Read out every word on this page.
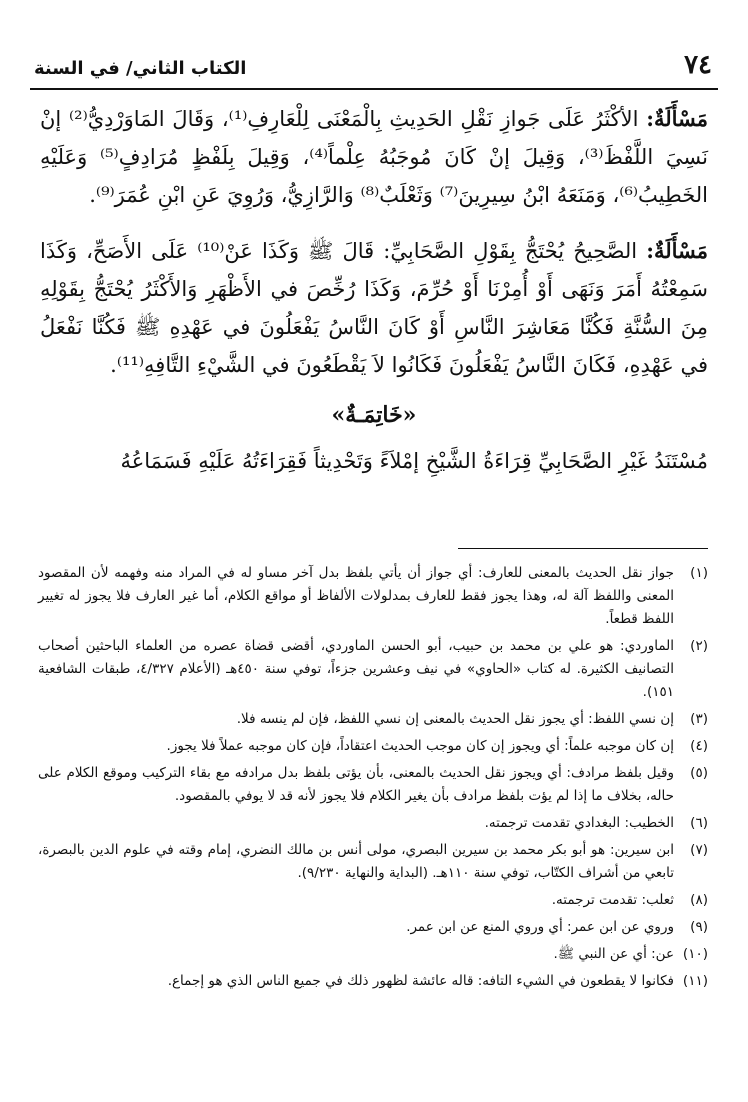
٧٤
الكتاب الثاني/ في السنة

مَسْأَلَةٌ: الأكْثَرُ عَلَى جَوازِ نَقْلِ الحَدِيثِ بِالْمَعْنَى لِلْعَارِفِ⁽¹⁾، وَقَالَ المَاوَرْدِيُّ⁽²⁾ إنْ نَسِيَ اللَّفْظَ⁽³⁾، وَقِيلَ إنْ كَانَ مُوجَبُهُ عِلْماً⁽⁴⁾، وَقِيلَ بِلَفْظٍ مُرَادِفٍ⁽⁵⁾ وَعَلَيْهِ الخَطِيبُ⁽⁶⁾، وَمَنَعَهُ ابْنُ سِيرِينَ⁽⁷⁾ وَثَعْلَبٌ⁽⁸⁾ وَالرَّازِيُّ، وَرُوِيَ عَنِ ابْنِ عُمَرَ⁽⁹⁾.

مَسْأَلَةٌ: الصَّحِيحُ يُحْتَجُّ بِقَوْلِ الصَّحَابِيِّ: قَالَ ﷺ وَكَذَا عَنْ⁽¹⁰⁾ عَلَى الأَصَحِّ، وَكَذَا سَمِعْتُهُ أَمَرَ وَنَهَى أَوْ أُمِرْنَا أَوْ حُرِّمَ، وَكَذَا رُخِّصَ في الأَظْهَرِ وَالأَكْثَرُ يُحْتَجُّ بِقَوْلِهِ مِنَ السُّنَّةِ فَكُنَّا مَعَاشِرَ النَّاسِ أَوْ كَانَ النَّاسُ يَفْعَلُونَ في عَهْدِهِ ﷺ فَكُنَّا نَفْعَلُ في عَهْدِهِ، فَكَانَ النَّاسُ يَفْعَلُونَ فَكَانُوا لاَ يَقْطَعُونَ في الشَّيْءِ التَّافِهِ⁽¹¹⁾.

«خَاتِمَـةٌ»

مُسْتَنَدُ غَيْرِ الصَّحَابِيِّ قِرَاءَةُ الشَّيْخِ إمْلاَءً وَتَحْدِيثاً فَقِرَاءَتُهُ عَلَيْهِ فَسَمَاعُهُ

(١)
جواز نقل الحديث بالمعنى للعارف: أي جواز أن يأتي بلفظ بدل آخر مساو له في المراد منه وفهمه لأن المقصود المعنى واللفظ آلة له، وهذا يجوز فقط للعارف بمدلولات الألفاظ أو مواقع الكلام، أما غير العارف فلا يجوز له تغيير اللفظ قطعاً.
(٢)
الماوردي: هو علي بن محمد بن حبيب، أبو الحسن الماوردي، أقضى قضاة عصره من العلماء الباحثين أصحاب التصانيف الكثيرة. له كتاب «الحاوي» في نيف وعشرين جزءاً، توفي سنة ٤٥٠هـ (الأعلام ٤/٣٢٧، طبقات الشافعية ١٥١).
(٣)
إن نسي اللفظ: أي يجوز نقل الحديث بالمعنى إن نسي اللفظ، فإن لم ينسه فلا.
(٤)
إن كان موجبه علماً: أي ويجوز إن كان موجب الحديث اعتقاداً، فإن كان موجبه عملاً فلا يجوز.
(٥)
وقيل بلفظ مرادف: أي ويجوز نقل الحديث بالمعنى، بأن يؤتى بلفظ بدل مرادفه مع بقاء التركيب وموقع الكلام على حاله، بخلاف ما إذا لم يؤت بلفظ مرادف بأن يغير الكلام فلا يجوز لأنه قد لا يوفي بالمقصود.
(٦)
الخطيب: البغدادي تقدمت ترجمته.
(٧)
ابن سيرين: هو أبو بكر محمد بن سيرين البصري، مولى أنس بن مالك النضري، إمام وقته في علوم الدين بالبصرة، تابعي من أشراف الكتّاب، توفي سنة ١١٠هـ. (البداية والنهاية ٩/٢٣٠).
(٨)
ثعلب: تقدمت ترجمته.
(٩)
وروي عن ابن عمر: أي وروي المنع عن ابن عمر.
(١٠)
عن: أي عن النبي ﷺ.
(١١)
فكانوا لا يقطعون في الشيء التافه: قاله عائشة لظهور ذلك في جميع الناس الذي هو إجماع.
